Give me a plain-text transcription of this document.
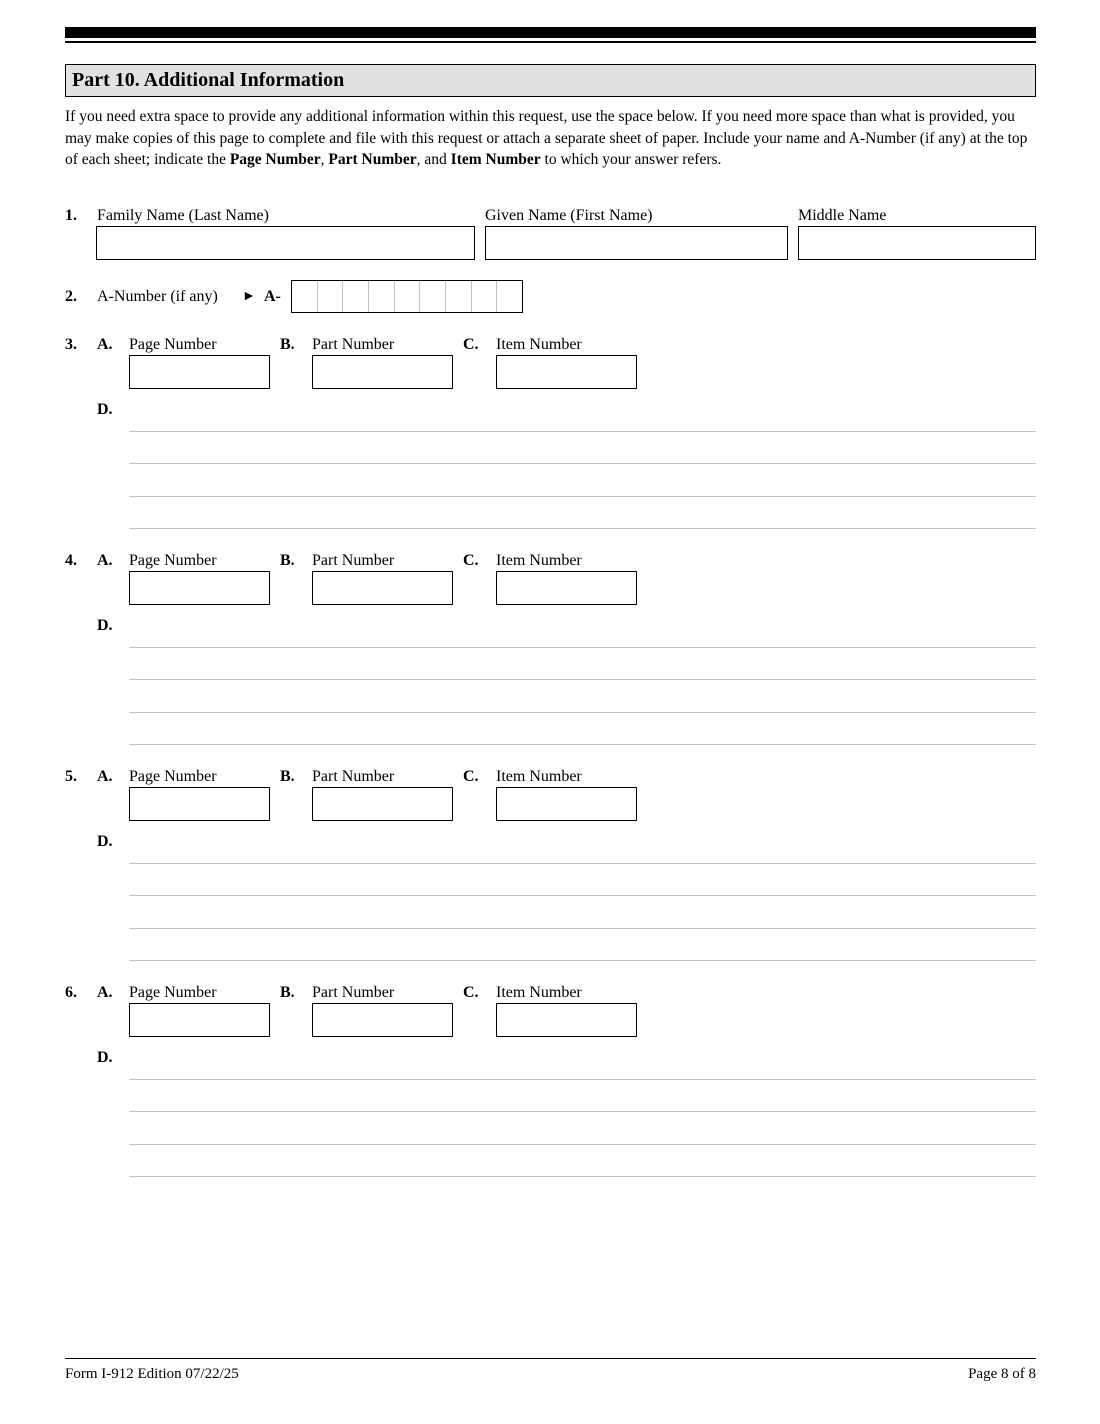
Part 10. Additional Information
If you need extra space to provide any additional information within this request, use the space below. If you need more space than what is provided, you may make copies of this page to complete and file with this request or attach a separate sheet of paper. Include your name and A-Number (if any) at the top of each sheet; indicate the Page Number, Part Number, and Item Number to which your answer refers.
1. Family Name (Last Name)	Given Name (First Name)	Middle Name
2. A-Number (if any) ► A-
3. A. Page Number	B. Part Number	C. Item Number
D.
4. A. Page Number	B. Part Number	C. Item Number
D.
5. A. Page Number	B. Part Number	C. Item Number
D.
6. A. Page Number	B. Part Number	C. Item Number
D.
Form I-912 Edition 07/22/25	Page 8 of 8
